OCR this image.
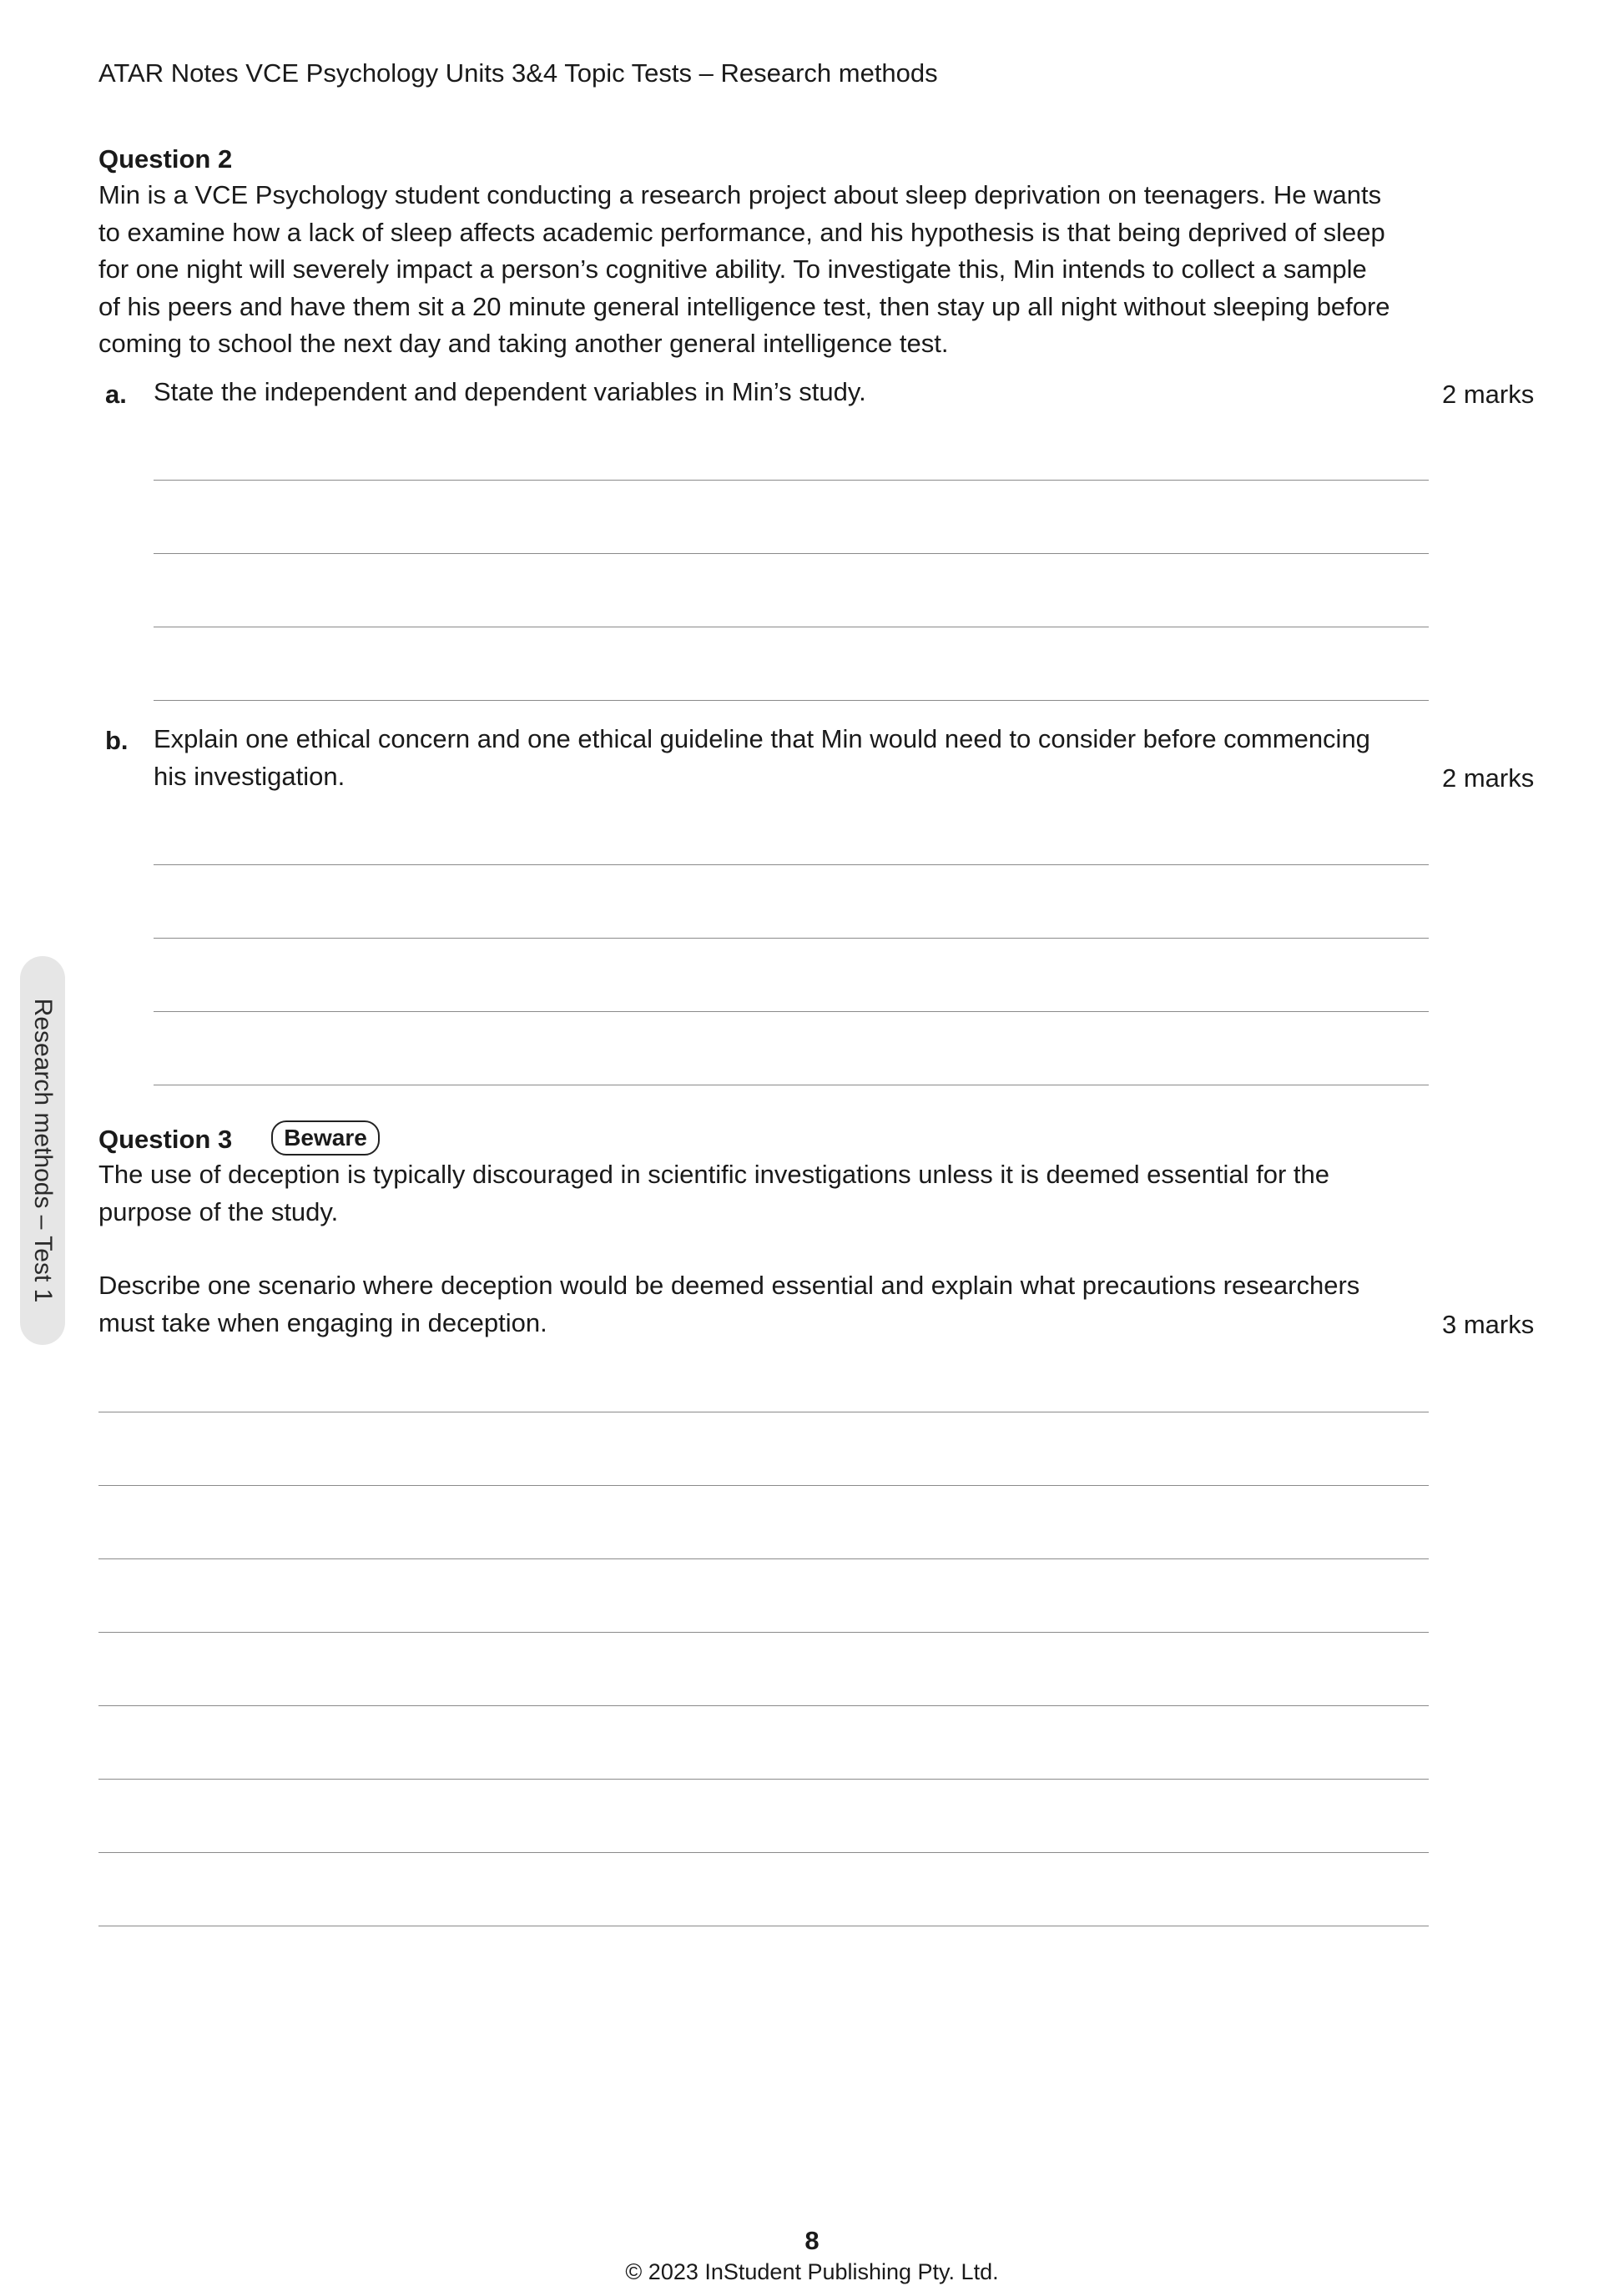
ATAR Notes VCE Psychology Units 3&4 Topic Tests – Research methods
Research methods – Test 1
Question 2
Min is a VCE Psychology student conducting a research project about sleep deprivation on teenagers. He wants
to examine how a lack of sleep affects academic performance, and his hypothesis is that being deprived of sleep
for one night will severely impact a person’s cognitive ability. To investigate this, Min intends to collect a sample
of his peers and have them sit a 20 minute general intelligence test, then stay up all night without sleeping before
coming to school the next day and taking another general intelligence test.
a. State the independent and dependent variables in Min’s study.	2 marks
b. Explain one ethical concern and one ethical guideline that Min would need to consider before commencing
his investigation.	2 marks
Question 3	Beware
The use of deception is typically discouraged in scientific investigations unless it is deemed essential for the
purpose of the study.
Describe one scenario where deception would be deemed essential and explain what precautions researchers
must take when engaging in deception.	3 marks
8
© 2023 InStudent Publishing Pty. Ltd.
